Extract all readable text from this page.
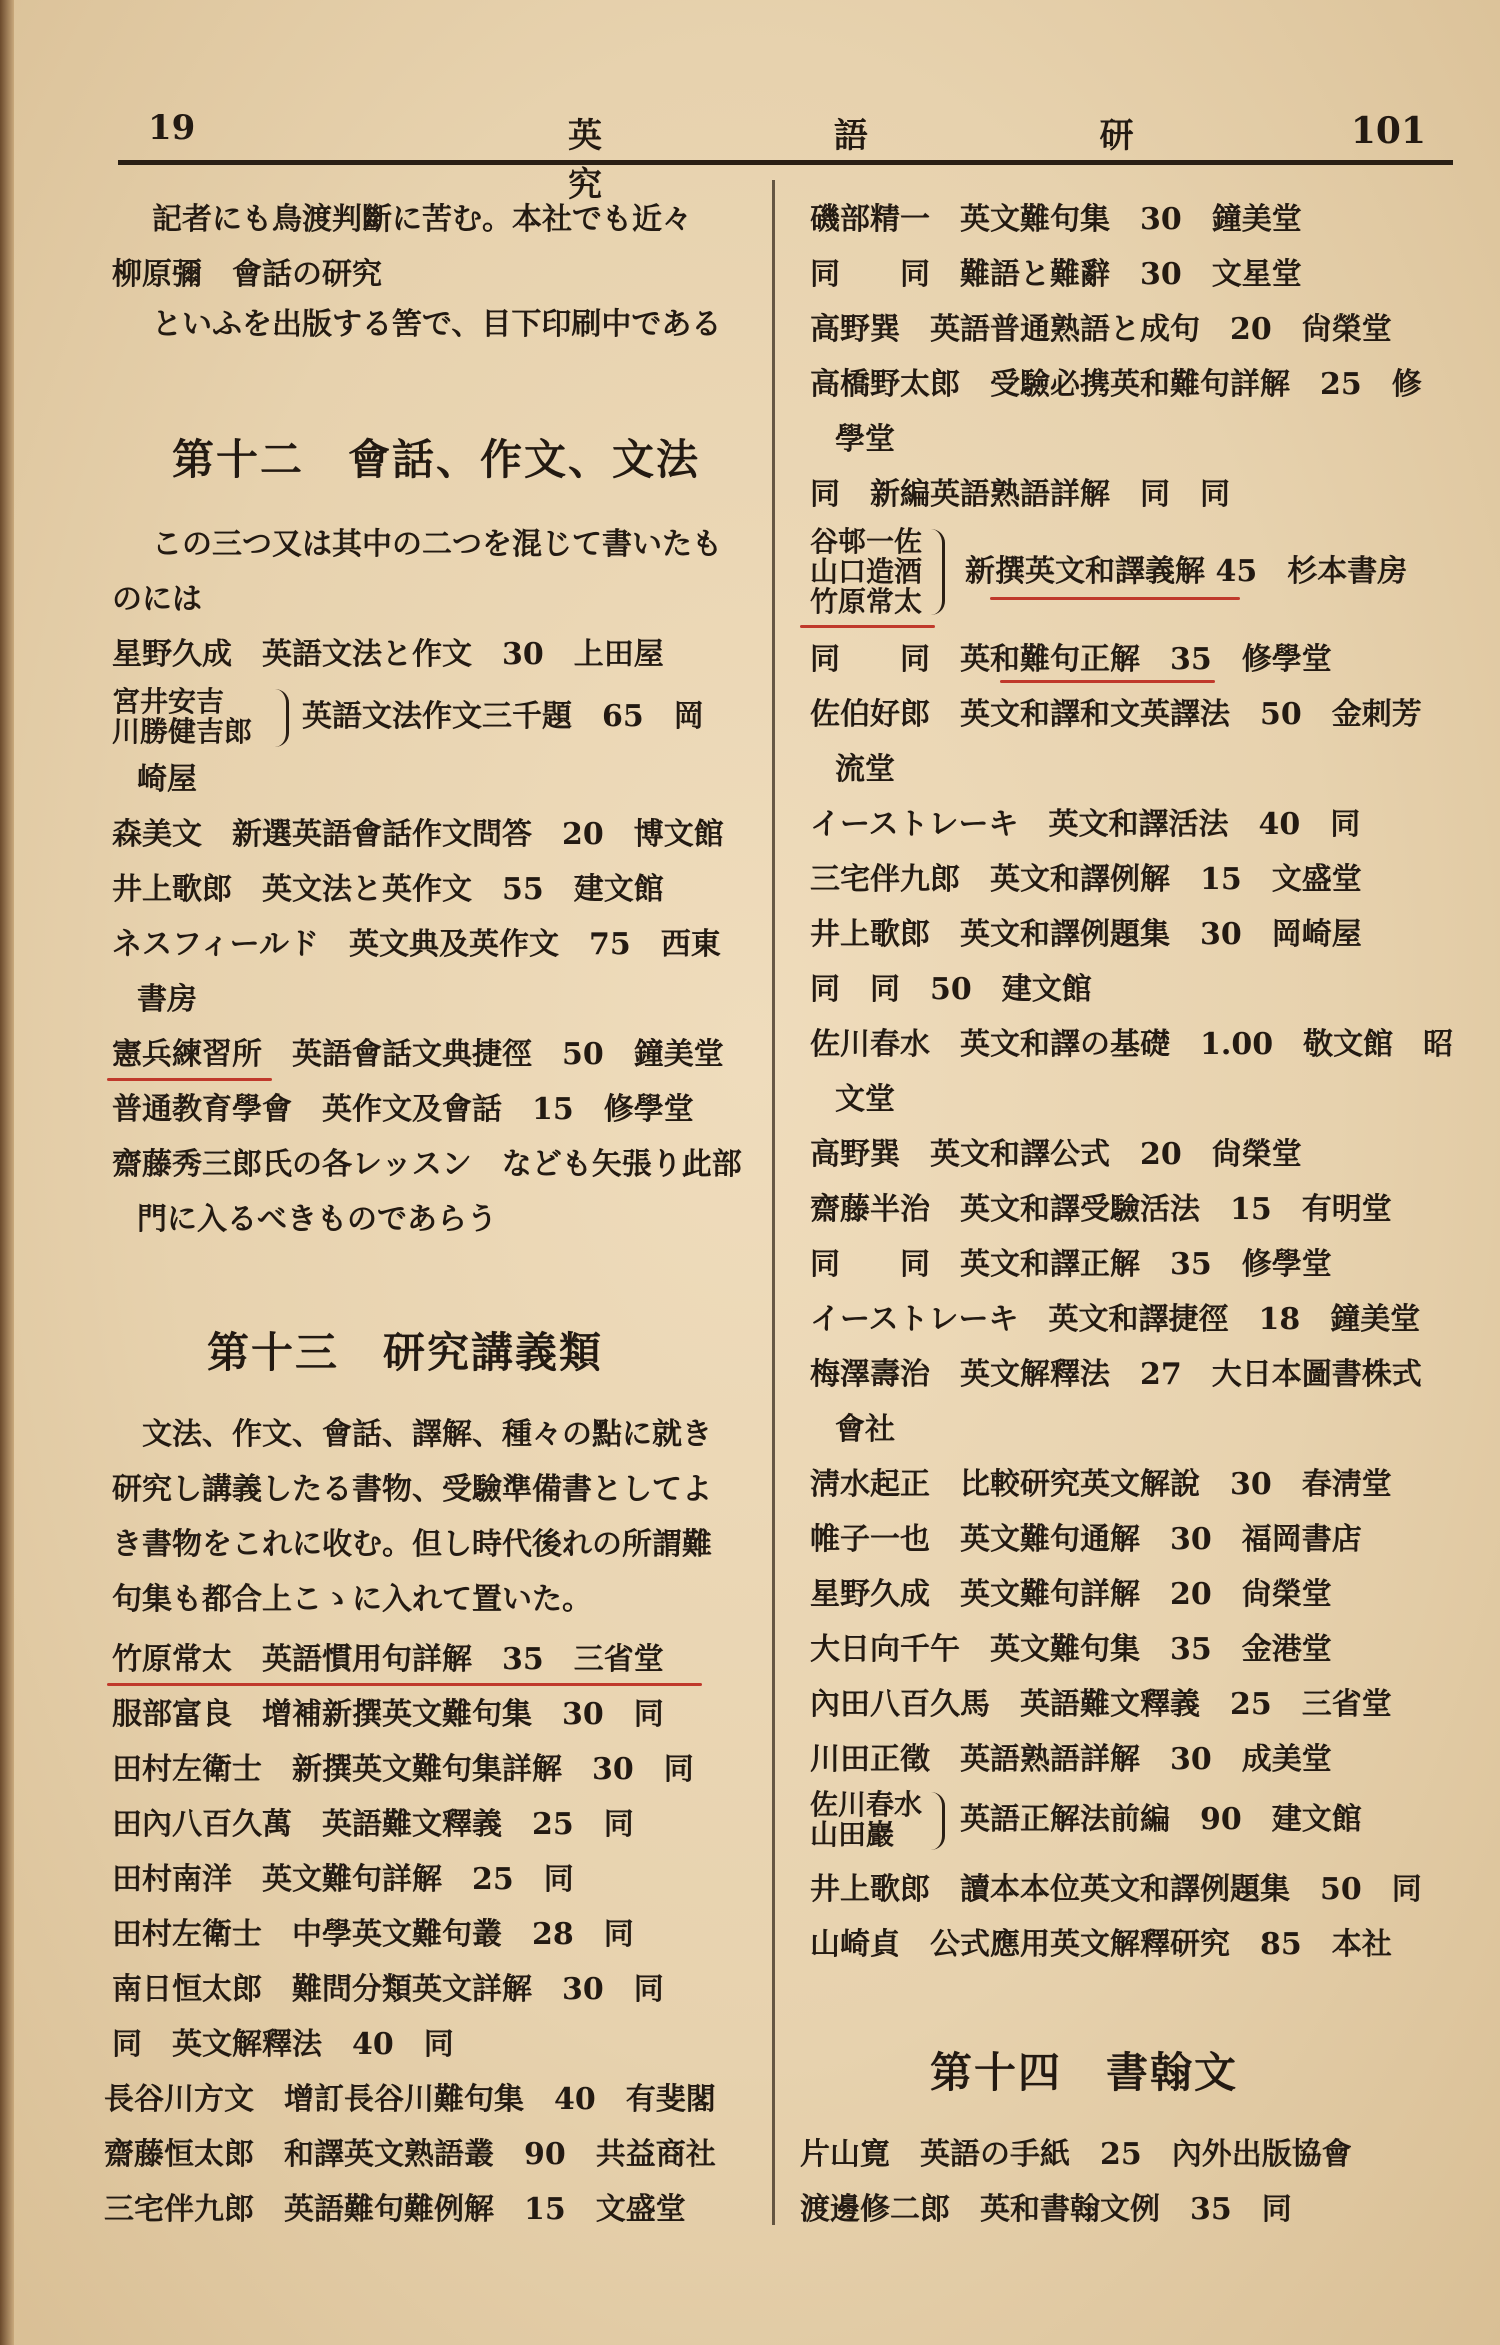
19	英 語 研 究
101
記者にも鳥渡判斷に苦む。本社でも近々
柳原彌　會話の研究
といふを出版する筈で、目下印刷中である
第十二　會話、作文、文法
この三つ又は其中の二つを混じて書いたも
のには
星野久成　英語文法と作文　30　上田屋
宮井安吉
川勝健吉郎 英語文法作文三千題　65　岡
崎屋
森美文　新選英語會話作文問答　20　博文館
井上歌郎　英文法と英作文　55　建文館
ネスフィールド　英文典及英作文　75　西東
書房
憲兵練習所　英語會話文典捷徑　50　鐘美堂
普通教育學會　英作文及會話　15　修學堂
齋藤秀三郎氏の各レッスン　なども矢張り此部
門に入るべきものであらう
第十三　研究講義類
文法、作文、會話、譯解、種々の點に就き
研究し講義したる書物、受驗準備書としてよ
き書物をこれに收む。但し時代後れの所謂難
句集も都合上こゝに入れて置いた。
竹原常太　英語慣用句詳解　35　三省堂
服部富良　增補新撰英文難句集　30　同
田村左衛士　新撰英文難句集詳解　30　同
田內八百久萬　英語難文釋義　25　同
田村南洋　英文難句詳解　25　同
田村左衛士　中學英文難句叢　28　同
南日恒太郎　難問分類英文詳解　30　同
同　英文解釋法　40　同
長谷川方文　增訂長谷川難句集　40　有斐閣
齋藤恒太郎　和譯英文熟語叢　90　共益商社
三宅伴九郎　英語難句難例解　15　文盛堂
磯部精一　英文難句集　30　鐘美堂
同　　同　難語と難辭　30　文星堂
高野巽　英語普通熟語と成句　20　尙榮堂
高橋野太郎　受驗必携英和難句詳解　25　修
學堂
同　新編英語熟語詳解　同　同
谷邨一佐
山口造酒
竹原常太
新撰英文和譯義解 45　杉本書房
同　　同　英和難句正解　35　修學堂
佐伯好郎　英文和譯和文英譯法　50　金刺芳
流堂
イーストレーキ　英文和譯活法　40　同
三宅伴九郎　英文和譯例解　15　文盛堂
井上歌郎　英文和譯例題集　30　岡崎屋
同　同　50　建文館
佐川春水　英文和譯の基礎　1.00　敬文館　昭
文堂
高野巽　英文和譯公式　20　尙榮堂
齋藤半治　英文和譯受驗活法　15　有明堂
同　　同　英文和譯正解　35　修學堂
イーストレーキ　英文和譯捷徑　18　鐘美堂
梅澤壽治　英文解釋法　27　大日本圖書株式
會社
淸水起正　比較研究英文解說　30　春淸堂
帷子一也　英文難句通解　30　福岡書店
星野久成　英文難句詳解　20　尙榮堂
大日向千午　英文難句集　35　金港堂
內田八百久馬　英語難文釋義　25　三省堂
川田正徵　英語熟語詳解　30　成美堂
佐川春水
山田巖	英語正解法前編　90　建文館
井上歌郎　讀本本位英文和譯例題集　50　同
山崎貞　公式應用英文解釋研究　85　本社
第十四　書翰文
片山寛　英語の手紙　25　內外出版協會
渡邊修二郎　英和書翰文例　35　同
